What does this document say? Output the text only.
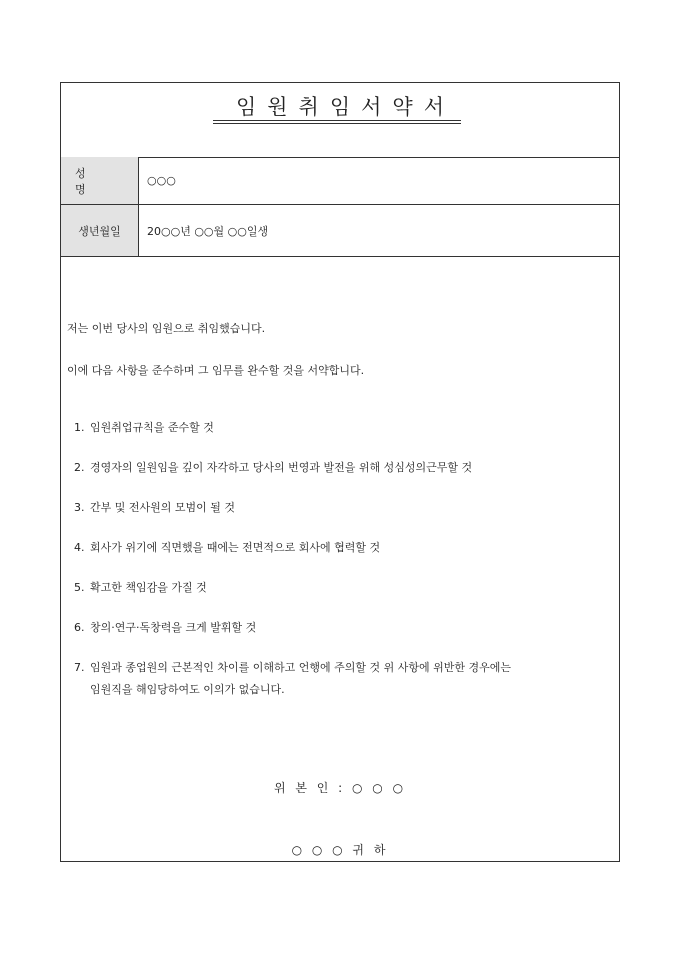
임원취임서약서
성 명
○○○
생년월일	20○○년 ○○월 ○○일생
저는 이번 당사의 임원으로 취임했습니다.
이에 다음 사항을 준수하며 그 임무를 완수할 것을 서약합니다.
1. 임원취업규칙을 준수할 것
2. 경영자의 일원임을 깊이 자각하고 당사의 번영과 발전을 위해 성심성의근무할 것
3. 간부 및 전사원의 모범이 될 것
4. 회사가 위기에 직면했을 때에는 전면적으로 회사에 협력할 것
5. 확고한 책임감을 가질 것
6. 창의·연구·독창력을 크게 발휘할 것
7. 임원과 종업원의 근본적인 차이를 이해하고 언행에 주의할 것 위 사항에 위반한 경우에는
임원직을 해임당하여도 이의가 없습니다.
위 본 인 : ○ ○ ○
○ ○ ○ 귀 하
